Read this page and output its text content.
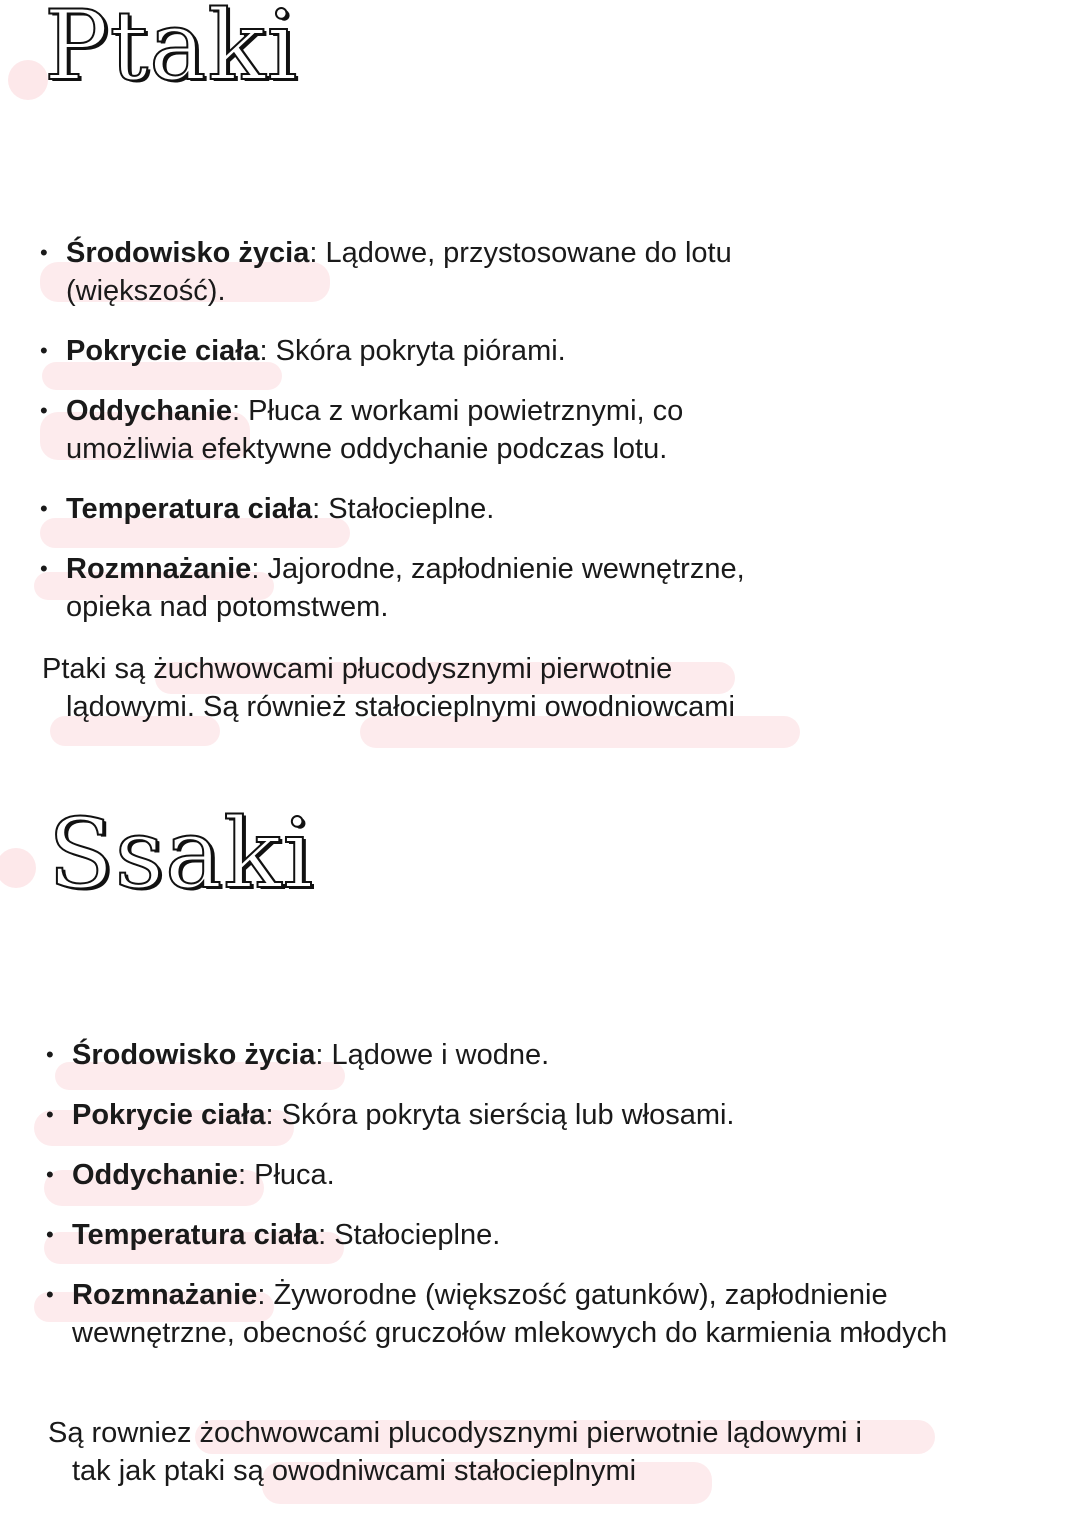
Ptaki
• Środowisko życia: Lądowe, przystosowane do lotu (większość).
• Pokrycie ciała: Skóra pokryta piórami.
• Oddychanie: Płuca z workami powietrznymi, co umożliwia efektywne oddychanie podczas lotu.
• Temperatura ciała: Stałocieplne.
• Rozmnażanie: Jajorodne, zapłodnienie wewnętrzne, opieka nad potomstwem.
Ptaki są żuchwowcami płucodysznymi pierwotnie
lądowymi. Są również stałocieplnymi owodniowcami
Ssaki
• Środowisko życia: Lądowe i wodne.
• Pokrycie ciała: Skóra pokryta sierścią lub włosami.
• Oddychanie: Płuca.
• Temperatura ciała: Stałocieplne.
• Rozmnażanie: Żyworodne (większość gatunków), zapłodnienie wewnętrzne, obecność gruczołów mlekowych do karmienia młodych
Są rowniez żochwowcami plucodysznymi pierwotnie lądowymi i
tak jak ptaki są owodniwcami stałocieplnymi
